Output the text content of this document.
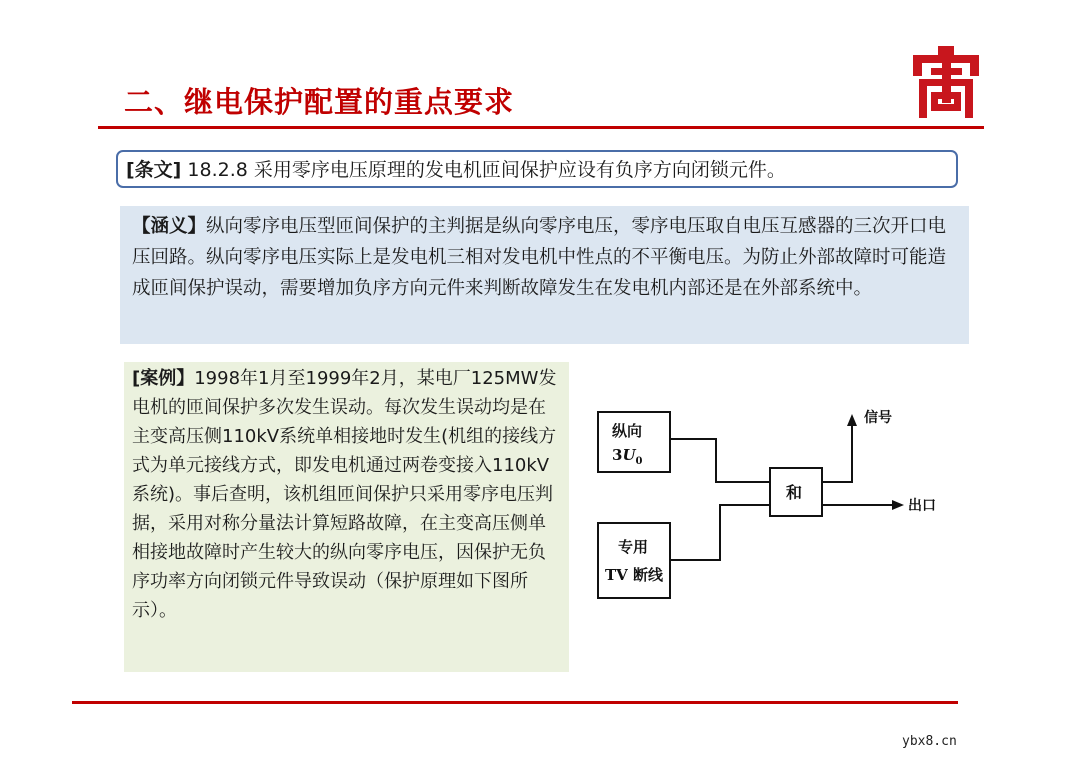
二、继电保护配置的重点要求
[条文] 18.2.8 采用零序电压原理的发电机匝间保护应设有负序方向闭锁元件。
【涵义】纵向零序电压型匝间保护的主判据是纵向零序电压，零序电压取自电压互感器的三次开口电压回路。纵向零序电压实际上是发电机三相对发电机中性点的不平衡电压。为防止外部故障时可能造成匝间保护误动，需要增加负序方向元件来判断故障发生在发电机内部还是在外部系统中。
[案例】1998年1月至1999年2月，某电厂125MW发电机的匝间保护多次发生误动。每次发生误动均是在主变高压侧110kV系统单相接地时发生(机组的接线方式为单元接线方式，即发电机通过两卷变接入110kV系统)。事后查明，该机组匝间保护只采用零序电压判据，采用对称分量法计算短路故障，在主变高压侧单相接地故障时产生较大的纵向零序电压，因保护无负序功率方向闭锁元件导致误动（保护原理如下图所示）。
纵向
$3U_0$
专用
TV 断线
和
信号
出口
ybx8.cn
